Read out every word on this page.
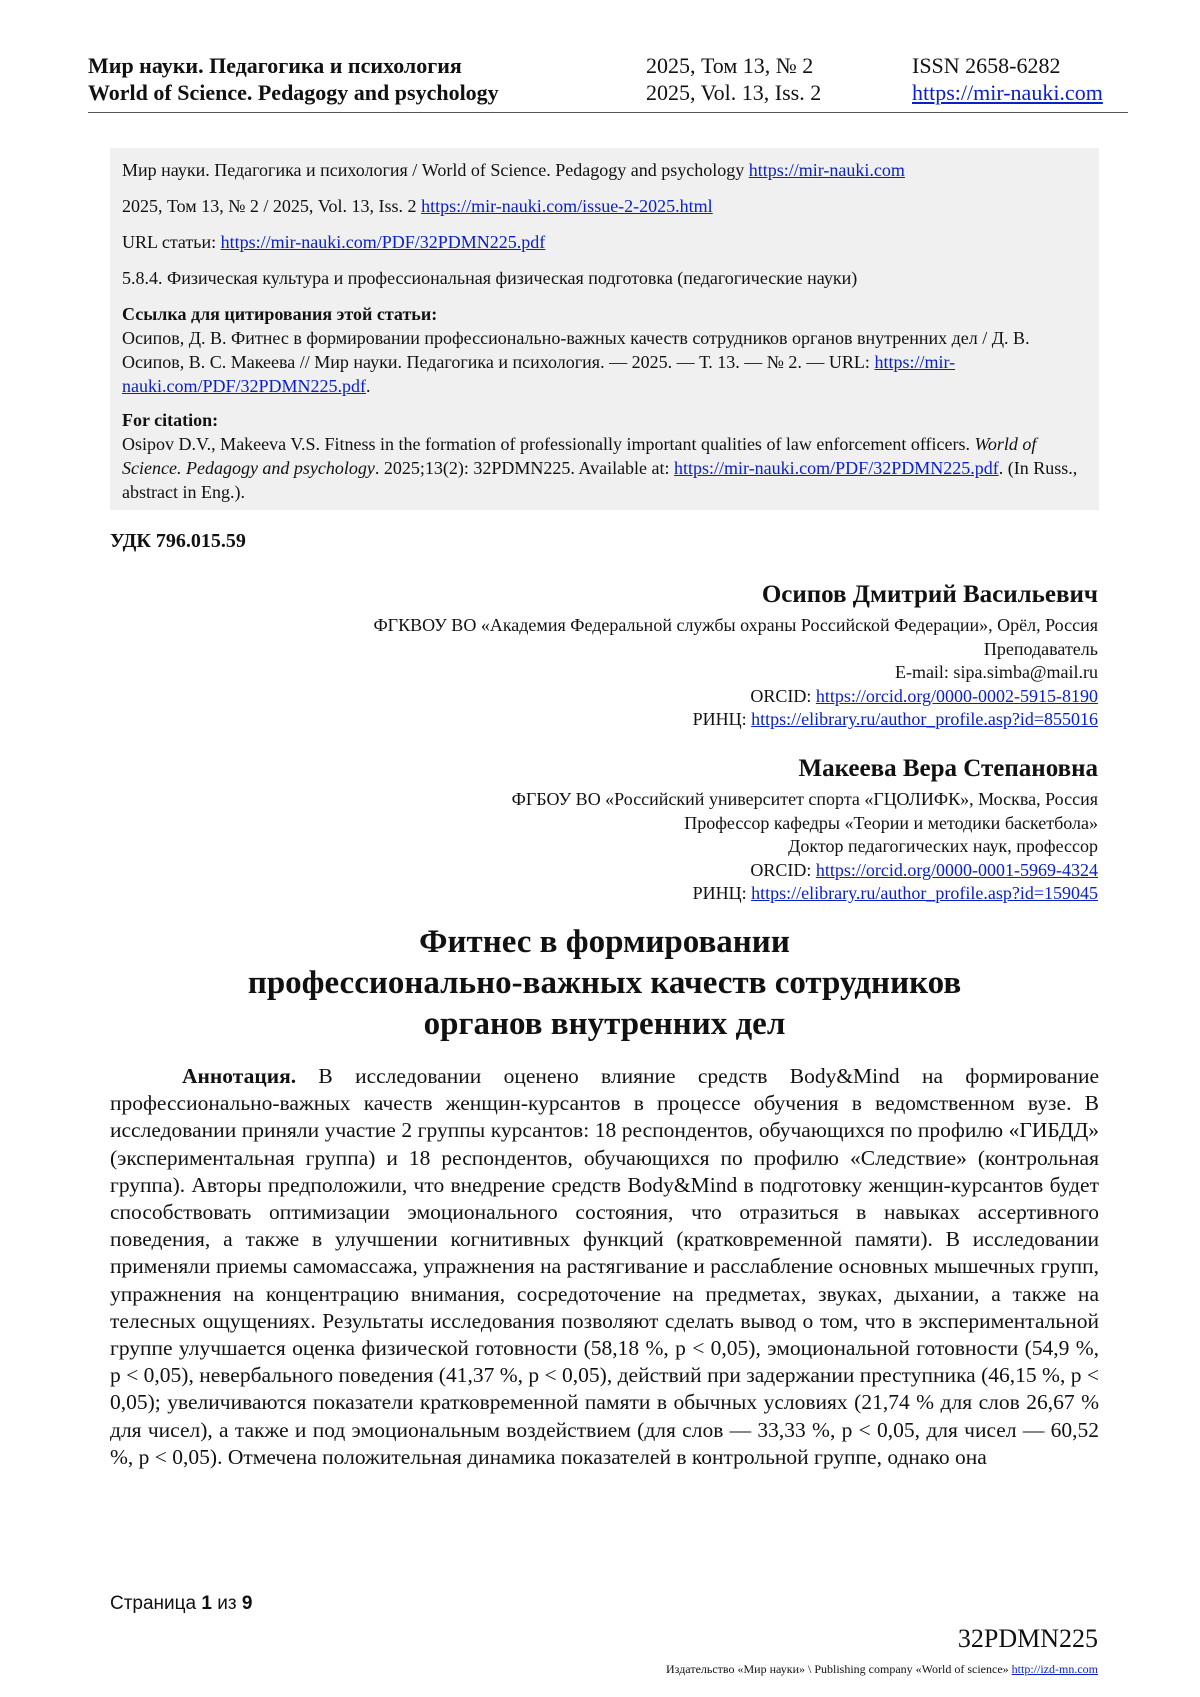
Мир науки. Педагогика и психология
World of Science. Pedagogy and psychology
2025, Том 13, № 2
2025, Vol. 13, Iss. 2
ISSN 2658-6282
https://mir-nauki.com

Мир науки. Педагогика и психология / World of Science. Pedagogy and psychology https://mir-nauki.com

2025, Том 13, № 2 / 2025, Vol. 13, Iss. 2 https://mir-nauki.com/issue-2-2025.html

URL статьи: https://mir-nauki.com/PDF/32PDMN225.pdf

5.8.4. Физическая культура и профессиональная физическая подготовка (педагогические науки)

Ссылка для цитирования этой статьи:
Осипов, Д. В. Фитнес в формировании профессионально-важных качеств сотрудников органов внутренних дел / Д. В. Осипов, В. С. Макеева // Мир науки. Педагогика и психология. — 2025. — Т. 13. — № 2. — URL: https://mir-nauki.com/PDF/32PDMN225.pdf.

For citation:
Osipov D.V., Makeeva V.S. Fitness in the formation of professionally important qualities of law enforcement officers. World of Science. Pedagogy and psychology. 2025;13(2): 32PDMN225. Available at: https://mir-nauki.com/PDF/32PDMN225.pdf. (In Russ., abstract in Eng.).

УДК 796.015.59
Осипов Дмитрий Васильевич
ФГКВОУ ВО «Академия Федеральной службы охраны Российской Федерации», Орёл, Россия
Преподаватель
E-mail: sipa.simba@mail.ru
ORCID: https://orcid.org/0000-0002-5915-8190
РИНЦ: https://elibrary.ru/author_profile.asp?id=855016
Макеева Вера Степановна
ФГБОУ ВО «Российский университет спорта «ГЦОЛИФК», Москва, Россия
Профессор кафедры «Теории и методики баскетбола»
Доктор педагогических наук, профессор
ORCID: https://orcid.org/0000-0001-5969-4324
РИНЦ: https://elibrary.ru/author_profile.asp?id=159045
Фитнес в формировании
профессионально-важных качеств сотрудников
органов внутренних дел

Аннотация. В исследовании оценено влияние средств Body&Mind на формирование профессионально-важных качеств женщин-курсантов в процессе обучения в ведомственном вузе. В исследовании приняли участие 2 группы курсантов: 18 респондентов, обучающихся по профилю «ГИБДД» (экспериментальная группа) и 18 респондентов, обучающихся по профилю «Следствие» (контрольная группа). Авторы предположили, что внедрение средств Body&Mind в подготовку женщин-курсантов будет способствовать оптимизации эмоционального состояния, что отразиться в навыках ассертивного поведения, а также в улучшении когнитивных функций (кратковременной памяти). В исследовании применяли приемы самомассажа, упражнения на растягивание и расслабление основных мышечных групп, упражнения на концентрацию внимания, сосредоточение на предметах, звуках, дыхании, а также на телесных ощущениях. Результаты исследования позволяют сделать вывод о том, что в экспериментальной группе улучшается оценка физической готовности (58,18 %, p < 0,05), эмоциональной готовности (54,9 %, p < 0,05), невербального поведения (41,37 %, p < 0,05), действий при задержании преступника (46,15 %, p < 0,05); увеличиваются показатели кратковременной памяти в обычных условиях (21,74 % для слов 26,67 % для чисел), а также и под эмоциональным воздействием (для слов — 33,33 %, p < 0,05, для чисел — 60,52 %, p < 0,05). Отмечена положительная динамика показателей в контрольной группе, однако она

Страница 1 из 9
32PDMN225
Издательство «Мир науки» \ Publishing company «World of science» http://izd-mn.com
